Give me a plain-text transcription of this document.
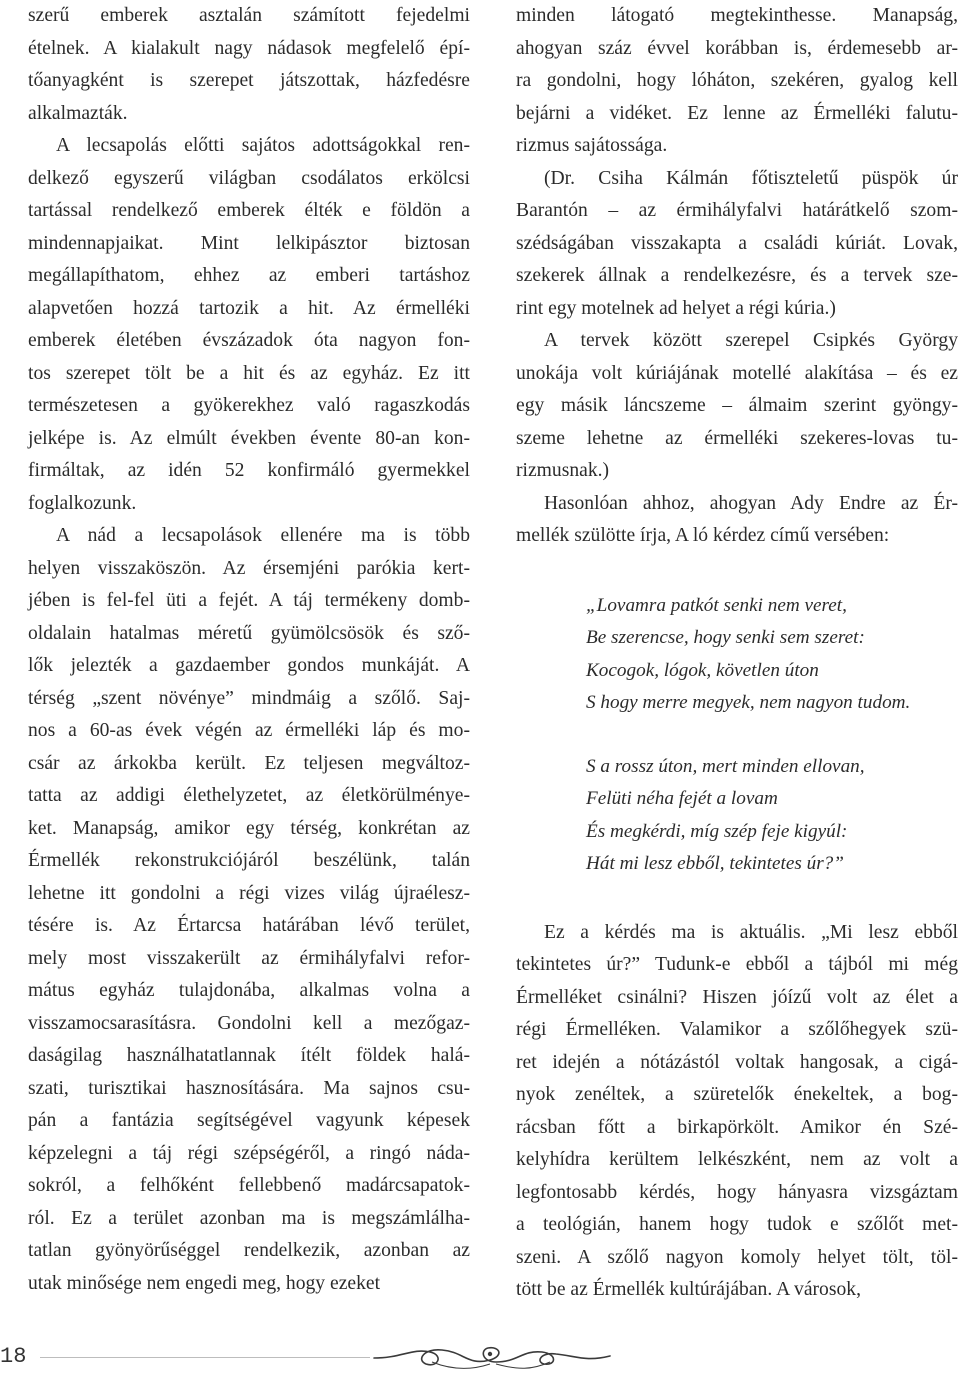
szerű emberek asztalán számított fejedelmi
ételnek. A kialakult nagy nádasok megfelelő épí-
tőanyagként is szerepet játszottak, házfedésre
alkalmazták.
A lecsapolás előtti sajátos adottságokkal ren-
delkező egyszerű világban csodálatos erkölcsi
tartással rendelkező emberek élték e földön a
mindennapjaikat. Mint lelkipásztor biztosan
megállapíthatom, ehhez az emberi tartáshoz
alapvetően hozzá tartozik a hit. Az érmelléki
emberek életében évszázadok óta nagyon fon-
tos szerepet tölt be a hit és az egyház. Ez itt
természetesen a gyökerekhez való ragaszkodás
jelképe is. Az elmúlt években évente 80-an kon-
firmáltak, az idén 52 konfirmáló gyermekkel
foglalkozunk.
A nád a lecsapolások ellenére ma is több
helyen visszaköszön. Az érsemjéni parókia kert-
jében is fel-fel üti a fejét. A táj termékeny domb-
oldalain hatalmas méretű gyümölcsösök és sző-
lők jelezték a gazdaember gondos munkáját. A
térség „szent növénye” mindmáig a szőlő. Saj-
nos a 60-as évek végén az érmelléki láp és mo-
csár az árkokba került. Ez teljesen megváltoz-
tatta az addigi élethelyzetet, az életkörülménye-
ket. Manapság, amikor egy térség, konkrétan az
Érmellék rekonstrukciójáról beszélünk, talán
lehetne itt gondolni a régi vizes világ újraélesz-
tésére is. Az Értarcsa határában lévő terület,
mely most visszakerült az érmihályfalvi refor-
mátus egyház tulajdonába, alkalmas volna a
visszamocsarasításra. Gondolni kell a mezőgaz-
daságilag használhatatlannak ítélt földek halá-
szati, turisztikai hasznosítására. Ma sajnos csu-
pán a fantázia segítségével vagyunk képesek
képzelegni a táj régi szépségéről, a ringó náda-
sokról, a felhőként fellebbenő madárcsapatok-
ról. Ez a terület azonban ma is megszámlálha-
tatlan gyönyörűséggel rendelkezik, azonban az
utak minősége nem engedi meg, hogy ezeket
minden látogató megtekinthesse. Manapság,
ahogyan száz évvel korábban is, érdemesebb ar-
ra gondolni, hogy lóháton, szekéren, gyalog kell
bejárni a vidéket. Ez lenne az Érmelléki falutu-
rizmus sajátossága.
(Dr. Csiha Kálmán főtiszteletű püspök úr
Barantón – az érmihályfalvi határátkelő szom-
szédságában visszakapta a családi kúriát. Lovak,
szekerek állnak a rendelkezésre, és a tervek sze-
rint egy motelnek ad helyet a régi kúria.)
A tervek között szerepel Csipkés György
unokája volt kúriájának motellé alakítása – és ez
egy másik láncszeme – álmaim szerint gyöngy-
szeme lehetne az érmelléki szekeres-lovas tu-
rizmusnak.)
Hasonlóan ahhoz, ahogyan Ady Endre az Ér-
mellék szülötte írja, A ló kérdez című versében:
„Lovamra patkót senki nem veret,
Be szerencse, hogy senki sem szeret:
Kocogok, lógok, követlen úton
S hogy merre megyek, nem nagyon tudom.
S a rossz úton, mert minden ellovan,
Felüti néha fejét a lovam
És megkérdi, míg szép feje kigyúl:
Hát mi lesz ebből, tekintetes úr?”
Ez a kérdés ma is aktuális. „Mi lesz ebből
tekintetes úr?” Tudunk-e ebből a tájból mi még
Érmelléket csinálni? Hiszen jóízű volt az élet a
régi Érmelléken. Valamikor a szőlőhegyek szü-
ret idején a nótázástól voltak hangosak, a cigá-
nyok zenéltek, a szüretelők énekeltek, a bog-
rácsban főtt a birkapörkölt. Amikor én Szé-
kelyhídra kerültem lelkészként, nem az volt a
legfontosabb kérdés, hogy hányasra vizsgáztam
a teológián, hanem hogy tudok e szőlőt met-
szeni. A szőlő nagyon komoly helyet tölt, töl-
tött be az Érmellék kultúrájában. A városok,
18
